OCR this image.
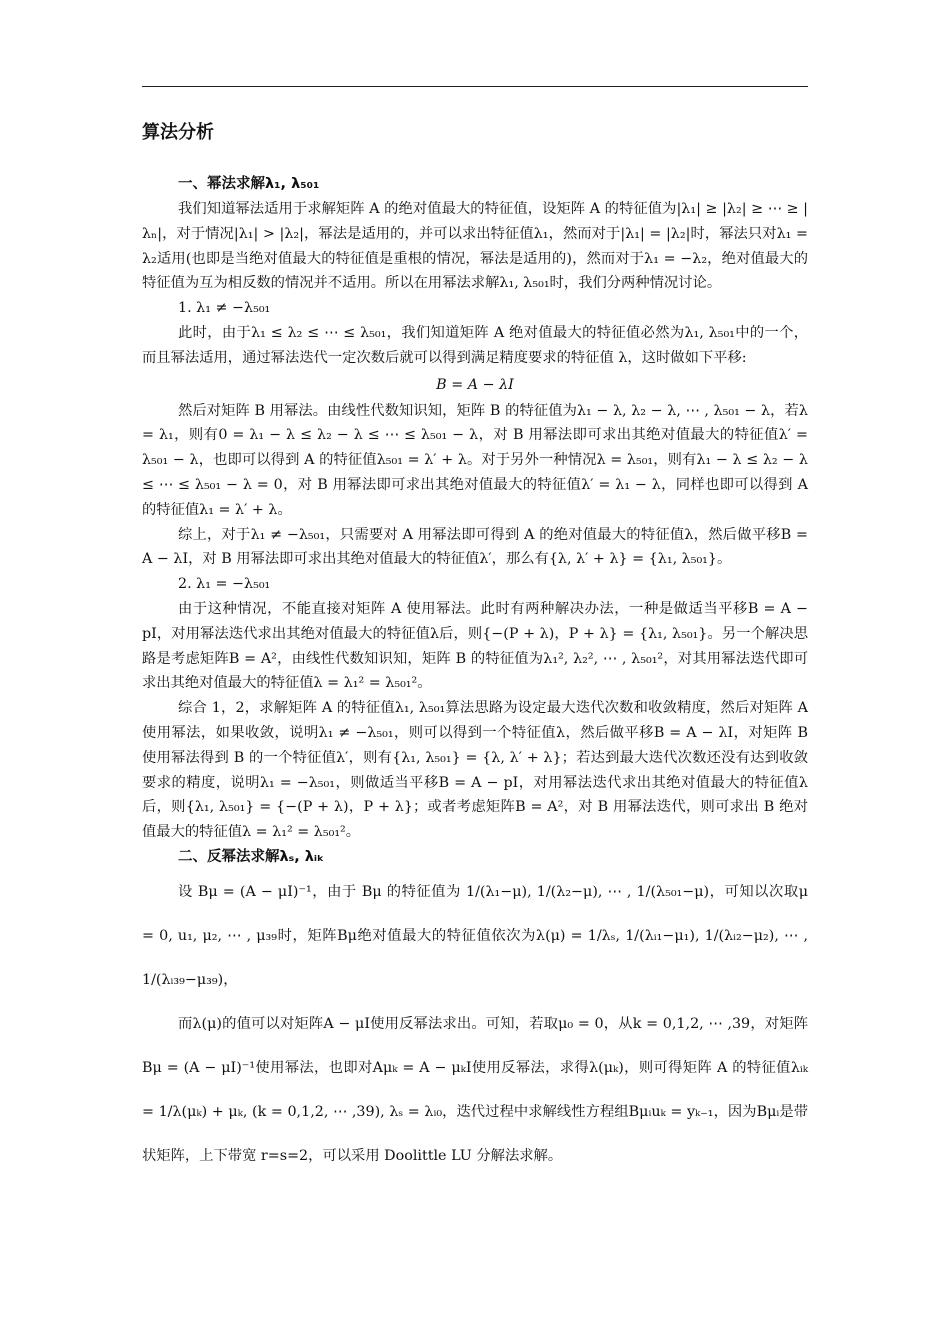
算法分析
一、幂法求解λ₁, λ₅₀₁

我们知道幂法适用于求解矩阵 A 的绝对值最大的特征值，设矩阵 A 的特征值为|λ₁| ≥ |λ₂| ≥ ⋯ ≥ |λₙ|，对于情况|λ₁| > |λ₂|，幂法是适用的，并可以求出特征值λ₁，然而对于|λ₁| = |λ₂|时，幂法只对λ₁ = λ₂适用(也即是当绝对值最大的特征值是重根的情况，幂法是适用的)，然而对于λ₁ = −λ₂，绝对值最大的特征值为互为相反数的情况并不适用。所以在用幂法求解λ₁, λ₅₀₁时，我们分两种情况讨论。

1. λ₁ ≠ −λ₅₀₁

此时，由于λ₁ ≤ λ₂ ≤ ⋯ ≤ λ₅₀₁，我们知道矩阵 A 绝对值最大的特征值必然为λ₁, λ₅₀₁中的一个，而且幂法适用，通过幂法迭代一定次数后就可以得到满足精度要求的特征值 λ，这时做如下平移:

B = A − λI

然后对矩阵 B 用幂法。由线性代数知识知，矩阵 B 的特征值为λ₁ − λ, λ₂ − λ, ⋯ , λ₅₀₁ − λ，若λ = λ₁，则有0 = λ₁ − λ ≤ λ₂ − λ ≤ ⋯ ≤ λ₅₀₁ − λ，对 B 用幂法即可求出其绝对值最大的特征值λ′ = λ₅₀₁ − λ，也即可以得到 A 的特征值λ₅₀₁ = λ′ + λ。对于另外一种情况λ = λ₅₀₁，则有λ₁ − λ ≤ λ₂ − λ ≤ ⋯ ≤ λ₅₀₁ − λ = 0，对 B 用幂法即可求出其绝对值最大的特征值λ′ = λ₁ − λ，同样也即可以得到 A 的特征值λ₁ = λ′ + λ。

综上，对于λ₁ ≠ −λ₅₀₁，只需要对 A 用幂法即可得到 A 的绝对值最大的特征值λ，然后做平移B = A − λI，对 B 用幂法即可求出其绝对值最大的特征值λ′，那么有{λ, λ′ + λ} = {λ₁, λ₅₀₁}。

2. λ₁ = −λ₅₀₁

由于这种情况，不能直接对矩阵 A 使用幂法。此时有两种解决办法，一种是做适当平移B = A − pI，对用幂法迭代求出其绝对值最大的特征值λ后，则{−(P + λ)，P + λ} = {λ₁, λ₅₀₁}。另一个解决思路是考虑矩阵B = A²，由线性代数知识知，矩阵 B 的特征值为λ₁², λ₂², ⋯ , λ₅₀₁²，对其用幂法迭代即可求出其绝对值最大的特征值λ = λ₁² = λ₅₀₁²。

综合 1，2，求解矩阵 A 的特征值λ₁, λ₅₀₁算法思路为设定最大迭代次数和收敛精度，然后对矩阵 A 使用幂法，如果收敛，说明λ₁ ≠ −λ₅₀₁，则可以得到一个特征值λ，然后做平移B = A − λI，对矩阵 B 使用幂法得到 B 的一个特征值λ′，则有{λ₁, λ₅₀₁} = {λ, λ′ + λ}；若达到最大迭代次数还没有达到收敛要求的精度，说明λ₁ = −λ₅₀₁，则做适当平移B = A − pI，对用幂法迭代求出其绝对值最大的特征值λ后，则{λ₁, λ₅₀₁} = {−(P + λ)，P + λ}；或者考虑矩阵B = A²，对 B 用幂法迭代，则可求出 B 绝对值最大的特征值λ = λ₁² = λ₅₀₁²。

二、反幂法求解λₛ, λᵢₖ

设 Bμ = (A − μI)⁻¹，由于 Bμ 的特征值为 1/(λ₁−μ), 1/(λ₂−μ), ⋯ , 1/(λ₅₀₁−μ)，可知以次取μ = 0, u₁, μ₂, ⋯ , μ₃₉时，矩阵Bμ绝对值最大的特征值依次为λ(μ) = 1/λₛ, 1/(λᵢ₁−μ₁), 1/(λᵢ₂−μ₂), ⋯ , 1/(λᵢ₃₉−μ₃₉)，

而λ(μ)的值可以对矩阵A − μI使用反幂法求出。可知，若取μ₀ = 0，从k = 0,1,2, ⋯ ,39，对矩阵Bμ = (A − μI)⁻¹使用幂法，也即对Aμₖ = A − μₖI使用反幂法，求得λ(μₖ)，则可得矩阵 A 的特征值λᵢₖ = 1/λ(μₖ) + μₖ, (k = 0,1,2, ⋯ ,39), λₛ = λᵢ₀，迭代过程中求解线性方程组Bμᵢuₖ = yₖ₋₁，因为Bμᵢ是带状矩阵，上下带宽 r=s=2，可以采用 Doolittle LU 分解法求解。
